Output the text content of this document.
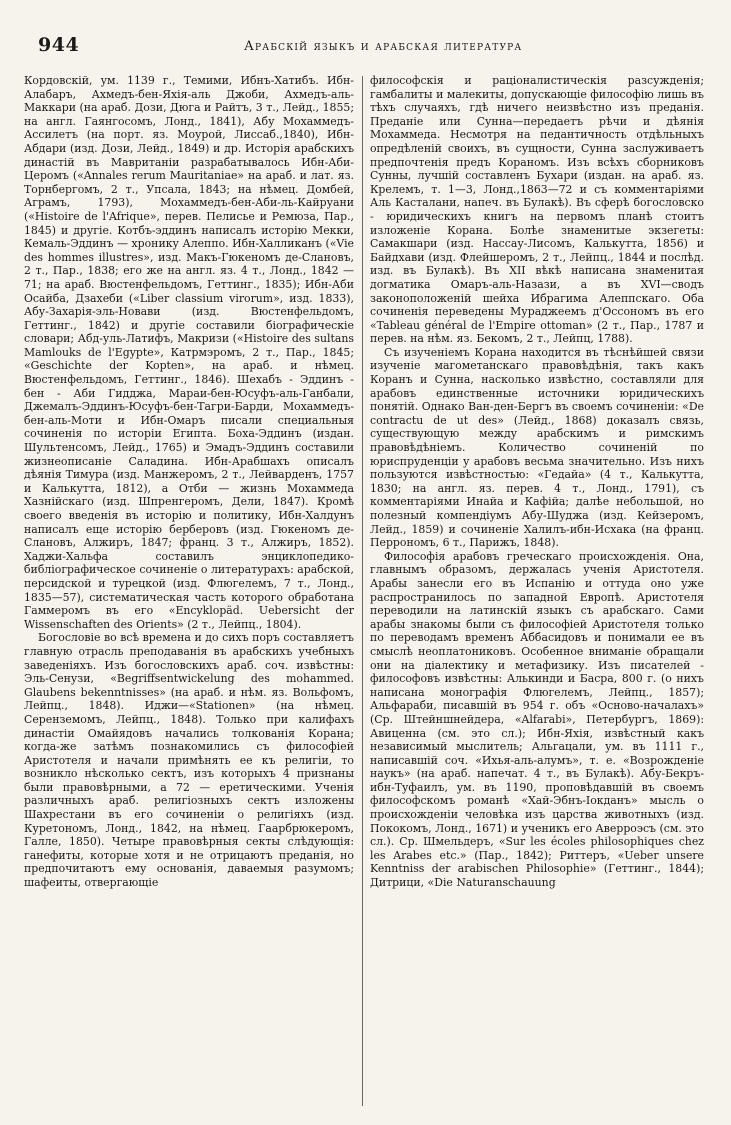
944	Арабскій языкъ и арабская литература

Кордовскій, ум. 1139 г., Темими, Ибнъ-Хатибъ. Ибн-Алабаръ, Ахмедъ-бен-Яхія-аль Джоби, Ахмедъ-аль-Маккари (на араб. Дози, Дюга и Райтъ, 3 т., Лейд., 1855; на англ. Гаянгосомъ, Лонд., 1841), Абу Мохаммедъ-Ассилетъ (на порт. яз. Моурой, Лиссаб.,1840), Ибн-Абдари (изд. Дози, Лейд., 1849) и др. Исторія арабскихъ династій въ Мавританіи разрабатывалось Ибн-Аби-Церомъ («Annales rerum Mauritaniae» на араб. и лат. яз. Торнбергомъ, 2 т., Упсала, 1843; на нѣмец. Домбей, Аграмъ, 1793), Мохаммедъ-бен-Аби-ль-Кайруани («Histoire de l'Afrique», перев. Пелисье и Ремюза, Пар., 1845) и другіе. Котбъ-эддинъ написалъ исторію Мекки, Кемаль-Эддинъ — хронику Алеппо. Ибн-Халликанъ («Vie des hommes illustres», изд. Макъ-Гюкеномъ де-Слановъ, 2 т., Пар., 1838; его же на англ. яз. 4 т., Лонд., 1842 — 71; на араб. Вюстенфельдомъ, Геттинг., 1835); Ибн-Аби Осайба, Дзахеби («Liber classium virorum», изд. 1833), Абу-Захарія-эль-Новави (изд. Вюстенфельдомъ, Геттинг., 1842) и другіе составили біографическіе словари; Абд-уль-Латифъ, Макризи («Histoire des sultans Mamlouks de l'Egypte», Катрмэромъ, 2 т., Пар., 1845; «Geschichte der Kopten», на араб. и нѣмец. Вюстенфельдомъ, Геттинг., 1846). Шехабъ - Эддинъ - бен - Аби Гидджа, Мараи-бен-Юсуфъ-аль-Ганбали, Джемалъ-Эддинъ-Юсуфъ-бен-Тагри-Барди, Мохаммедъ-бен-аль-Моти и Ибн-Омаръ писали специальныя сочиненія по исторіи Египта. Боха-Эддинъ (издан. Шультенсомъ, Лейд., 1765) и Эмадъ-Эддинъ составили жизнеописаніе Саладина. Ибн-Арабшахъ описалъ дѣянія Тимура (изд. Манжеромъ, 2 т., Лейварденъ, 1757 и Калькутта, 1812), а Отби — жизнь Мохаммеда Хазнійскаго (изд. Шпренгеромъ, Дели, 1847). Кромѣ своего введенія въ исторію и политику, Ибн-Халдунъ написалъ еще исторію берберовъ (изд. Гюкеномъ де-Слановъ, Алжиръ, 1847; франц. 3 т., Алжиръ, 1852). Хаджи-Хальфа составилъ энциклопедико-библіографическое сочиненіе о литературахъ: арабской, персидской и турецкой (изд. Флюгелемъ, 7 т., Лонд., 1835—57), систематическая часть которого обработана Гаммеромъ въ его «Encyklopäd. Uebersicht der Wissenschaften des Orients» (2 т., Лейпц., 1804).

Богословіе во всѣ времена и до сихъ поръ составляетъ главную отрасль преподаванія въ арабскихъ учебныхъ заведеніяхъ. Изъ богословскихъ араб. соч. извѣстны: Эль-Сенузи, «Begriffsentwickelung des mohammed. Glaubens bekenntnisses» (на араб. и нѣм. яз. Вольфомъ, Лейпц., 1848). Иджи—«Stationen» (на нѣмец. Серенземомъ, Лейпц., 1848). Только при калифахъ династіи Омайядовъ начались толкованія Корана; когда-же затѣмъ познакомились съ философіей Аристотеля и начали примѣнять ее къ религіи, то возникло нѣсколько сектъ, изъ которыхъ 4 признаны были правовѣрными, а 72 — еретическими. Ученія различныхъ араб. религіозныхъ сектъ изложены Шахрестани въ его сочиненіи о религіяхъ (изд. Куретономъ, Лонд., 1842, на нѣмец. Гаарбрюкеромъ, Галле, 1850). Четыре правовѣрныя секты слѣдующія: ганефиты, которые хотя и не отрицаютъ преданія, но предпочитаютъ ему основанія, даваемыя разумомъ; шафеиты, отвергающіе

философскія и раціоналистическія разсужденія; гамбалиты и малекиты, допускающіе философію лишь въ тѣхъ случаяхъ, гдѣ ничего неизвѣстно изъ преданія. Преданіе или Сунна—передаетъ рѣчи и дѣянія Мохаммеда. Несмотря на педантичность отдѣльныхъ опредѣленій своихъ, въ сущности, Сунна заслуживаетъ предпочтенія предъ Кораномъ. Изъ всѣхъ сборниковъ Сунны, лучшій составленъ Бухари (издан. на араб. яз. Крелемъ, т. 1—3, Лонд.,1863—72 и съ комментаріями Аль Касталани, напеч. въ Булакѣ). Въ сферѣ богословско - юридическихъ книгъ на первомъ планѣ стоитъ изложеніе Корана. Болѣе знаменитые экзегеты: Самакшари (изд. Нассау-Лисомъ, Калькутта, 1856) и Байдхави (изд. Флейшеромъ, 2 т., Лейпц., 1844 и послѣд. изд. въ Булакѣ). Въ XII вѣкѣ написана знаменитая догматика Омаръ-аль-Назази, а въ XVI—сводъ законоположеній шейха Ибрагима Алеппскаго. Оба сочиненія переведены Мураджеемъ д'Оссономъ въ его «Tableau général de l'Empire ottoman» (2 т., Пар., 1787 и перев. на нѣм. яз. Бекомъ, 2 т., Лейпц, 1788).

Съ изученіемъ Корана находится въ тѣснѣйшей связи изученіе магометанскаго правовѣдѣнія, такъ какъ Коранъ и Сунна, насколько извѣстно, составляли для арабовъ единственные источники юридическихъ понятій. Однако Ван-ден-Бергъ въ своемъ сочиненіи: «De contractu de ut des» (Лейд., 1868) доказалъ связь, существующую между арабскимъ и римскимъ правовѣдѣніемъ. Количество сочиненій по юриспруденціи у арабовъ весьма значительно. Изъ нихъ пользуются извѣстностью: «Гедайа» (4 т., Калькутта, 1830; на англ. яз. перев. 4 т., Лонд., 1791), съ комментаріями Инайа и Кафійа; далѣе небольшой, но полезный компендіумъ Абу-Шуджа (изд. Кейзеромъ, Лейд., 1859) и сочиненіе Халилъ-ибн-Исхака (на франц. Перрономъ, 6 т., Парижъ, 1848).

Философія арабовъ греческаго происхожденія. Она, главнымъ образомъ, держалась ученія Аристотеля. Арабы занесли его въ Испанію и оттуда оно уже распространилось по западной Европѣ. Аристотеля переводили на латинскій языкъ съ арабскаго. Сами арабы знакомы были съ философіей Аристотеля только по переводамъ временъ Аббасидовъ и понимали ее въ смыслѣ неоплатониковъ. Особенное вниманіе обращали они на діалектику и метафизику. Изъ писателей - философовъ извѣстны: Алькинди и Басра, 800 г. (о нихъ написана монографія Флюгелемъ, Лейпц., 1857); Альфараби, писавшій въ 954 г. объ «Осново-началахъ» (Ср. Штейншнейдера, «Alfarabi», Петербургъ, 1869): Авиценна (см. это сл.); Ибн-Яхія, извѣстный какъ независимый мыслитель; Альгацали, ум. въ 1111 г., написавшій соч. «Ихья-аль-алумъ», т. е. «Возрожденіе наукъ» (на араб. напечат. 4 т., въ Булакѣ). Абу-Бекръ-ибн-Туфаилъ, ум. въ 1190, проповѣдавшій въ своемъ философскомъ романѣ «Хай-Эбнъ-Іокданъ» мысль о происхожденіи человѣка изъ царства животныхъ (изд. Пококомъ, Лонд., 1671) и ученикъ его Аверроэсъ (см. это сл.). Ср. Шмельдеръ, «Sur les écoles philosophiques chez les Arabes etc.» (Пар., 1842); Риттеръ, «Ueber unsere Kenntniss der arabischen Philosophie» (Геттинг., 1844); Дитрици, «Die Naturanschauung
